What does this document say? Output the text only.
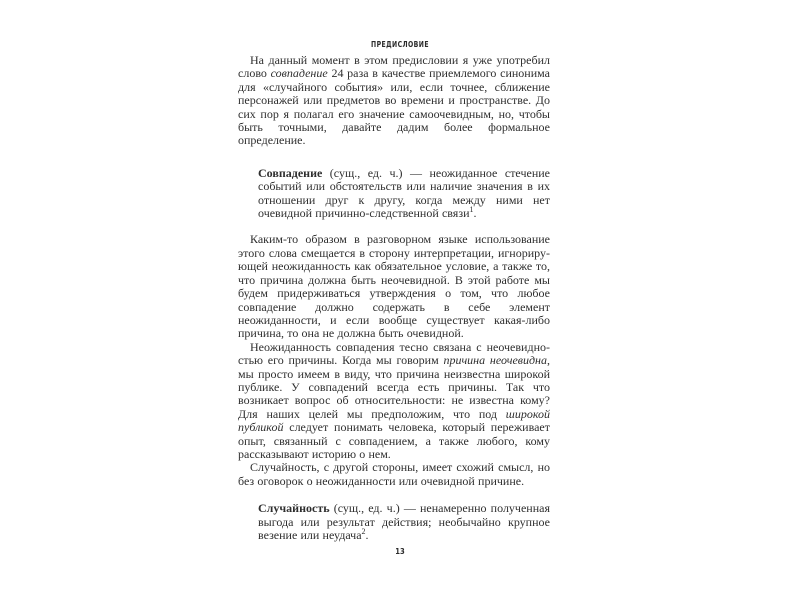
ПРЕДИСЛОВИЕ

На данный момент в этом предисловии я уже употребил слово совпадение 24 раза в качестве приемлемого синонима для «случайного события» или, если точнее, сближение персонажей или предметов во времени и пространстве. До сих пор я полагал его значение самоочевидным, но, чтобы быть точными, давайте дадим более формальное определение.

Совпадение (сущ., ед. ч.) — неожиданное стечение событий или обстоятельств или наличие значения в их отношении друг к другу, когда между ними нет очевидной причинно-следственной связи$^1$.

Каким-то образом в разговорном языке использование этого слова смещается в сторону интерпретации, игнорирующей неожиданность как обязательное условие, а также то, что причина должна быть неочевидной. В этой работе мы будем придерживаться утверждения о том, что любое совпадение должно содержать в себе элемент неожиданности, и если вообще существует какая-либо причина, то она не должна быть очевидной.

Неожиданность совпадения тесно связана с неочевидностью его причины. Когда мы говорим причина неочевидна, мы просто имеем в виду, что причина неизвестна широкой публике. У совпадений всегда есть причины. Так что возникает вопрос об относительности: не известна кому? Для наших целей мы предположим, что под широкой публикой следует понимать человека, который переживает опыт, связанный с совпадением, а также любого, кому рассказывают историю о нем.

Случайность, с другой стороны, имеет схожий смысл, но без оговорок о неожиданности или очевидной причине.

Случайность (сущ., ед. ч.) — ненамеренно полученная выгода или результат действия; необычайно крупное везение или неудача$^2$.

13
